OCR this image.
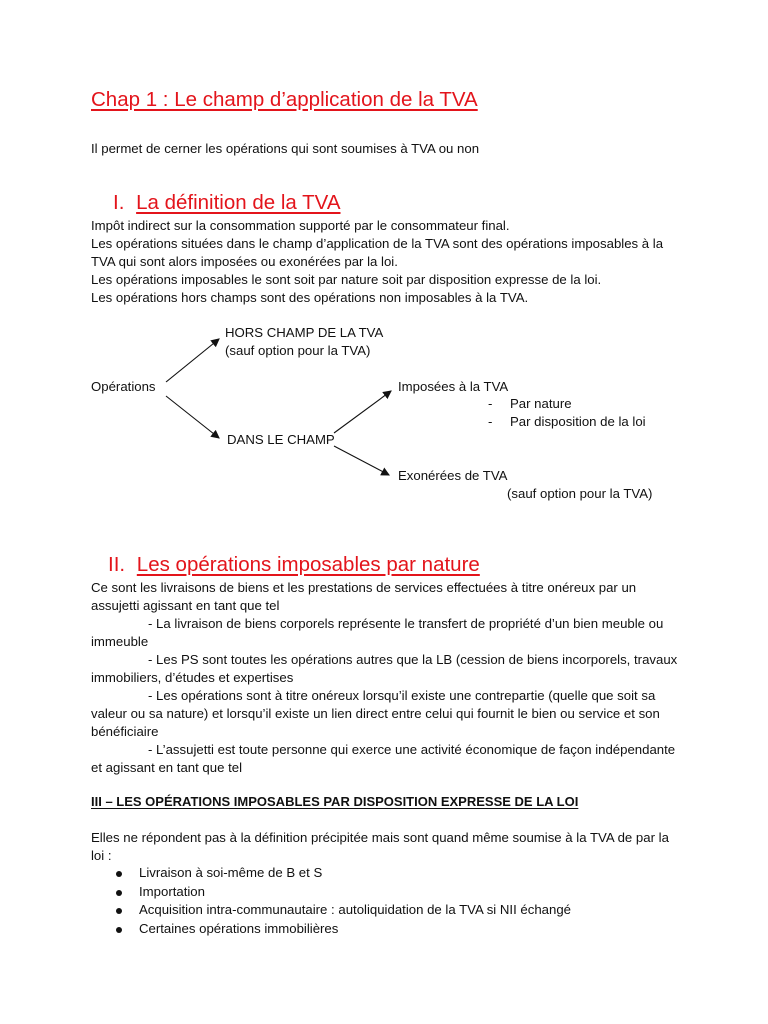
Chap 1 : Le champ d’application de la TVA
Il permet de cerner les opérations qui sont soumises à TVA ou non
I. La définition de la TVA

Impôt indirect sur la consommation supporté par le consommateur final.

Les opérations situées dans le champ d’application de la TVA sont des opérations imposables à la TVA qui sont alors imposées ou exonérées par la loi.

Les opérations imposables le sont soit par nature soit par disposition expresse de la loi.

Les opérations hors champs sont des opérations non imposables à la TVA.

Opérations
HORS CHAMP DE LA TVA
(sauf option pour la TVA)
DANS LE CHAMP
Imposées à la TVA
- Par nature
- Par disposition de la loi
Exonérées de TVA
(sauf option pour la TVA)
II. Les opérations imposables par nature

Ce sont les livraisons de biens et les prestations de services effectuées à titre onéreux par un assujetti agissant en tant que tel

- La livraison de biens corporels représente le transfert de propriété d’un bien meuble ou immeuble

- Les PS sont toutes les opérations autres que la LB (cession de biens incorporels, travaux immobiliers, d’études et expertises

- Les opérations sont à titre onéreux lorsqu’il existe une contrepartie (quelle que soit sa valeur ou sa nature) et lorsqu’il existe un lien direct entre celui qui fournit le bien ou service et son bénéficiaire

- L’assujetti est toute personne qui exerce une activité économique de façon indépendante et agissant en tant que tel

III – LES OPÉRATIONS IMPOSABLES PAR DISPOSITION EXPRESSE DE LA LOI
Elles ne répondent pas à la définition précipitée mais sont quand même soumise à la TVA de par la loi :
Livraison à soi-même de B et S
Importation
Acquisition intra-communautaire : autoliquidation de la TVA si NII échangé
Certaines opérations immobilières
